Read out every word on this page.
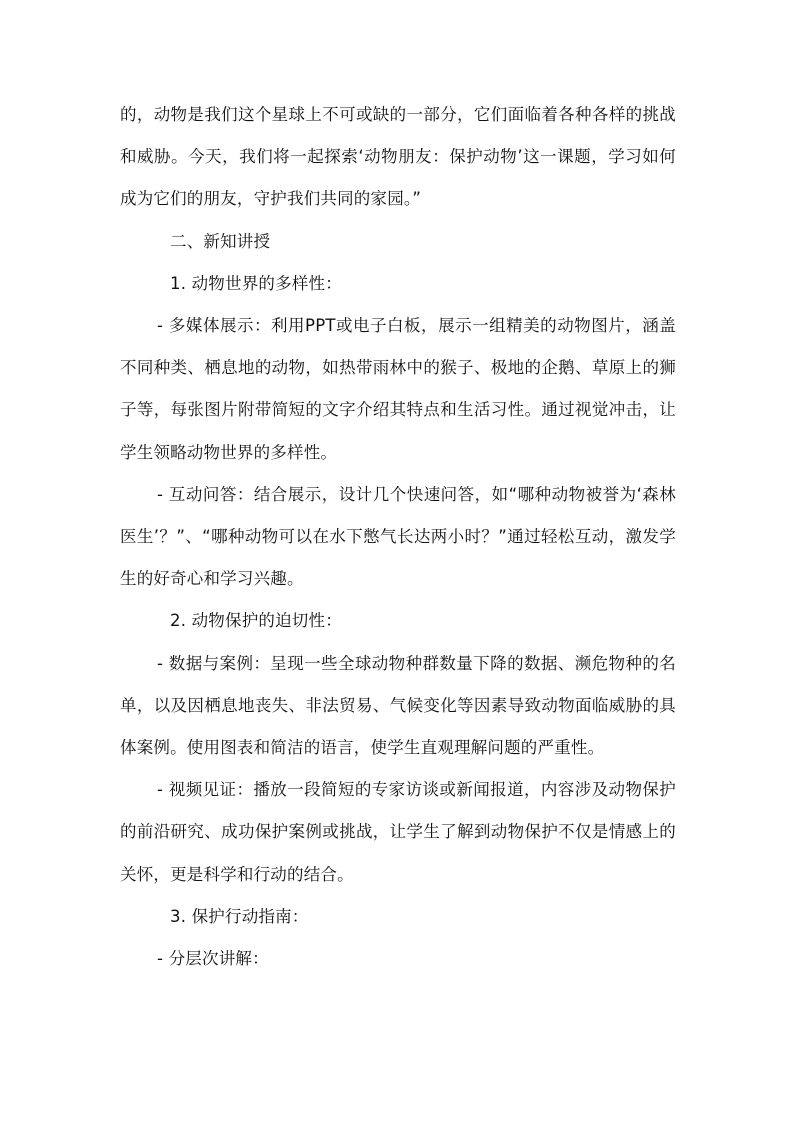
的，动物是我们这个星球上不可或缺的一部分，它们面临着各种各样的挑战和威胁。今天，我们将一起探索‘动物朋友：保护动物’这一课题，学习如何成为它们的朋友，守护我们共同的家园。”

二、新知讲授

1. 动物世界的多样性：

- 多媒体展示：利用PPT或电子白板，展示一组精美的动物图片，涵盖不同种类、栖息地的动物，如热带雨林中的猴子、极地的企鹅、草原上的狮子等，每张图片附带简短的文字介绍其特点和生活习性。通过视觉冲击，让学生领略动物世界的多样性。

- 互动问答：结合展示，设计几个快速问答，如“哪种动物被誉为‘森林医生’？”、“哪种动物可以在水下憋气长达两小时？”通过轻松互动，激发学生的好奇心和学习兴趣。

2. 动物保护的迫切性：

- 数据与案例：呈现一些全球动物种群数量下降的数据、濒危物种的名单，以及因栖息地丧失、非法贸易、气候变化等因素导致动物面临威胁的具体案例。使用图表和简洁的语言，使学生直观理解问题的严重性。

- 视频见证：播放一段简短的专家访谈或新闻报道，内容涉及动物保护的前沿研究、成功保护案例或挑战，让学生了解到动物保护不仅是情感上的关怀，更是科学和行动的结合。

3. 保护行动指南：

- 分层次讲解：
